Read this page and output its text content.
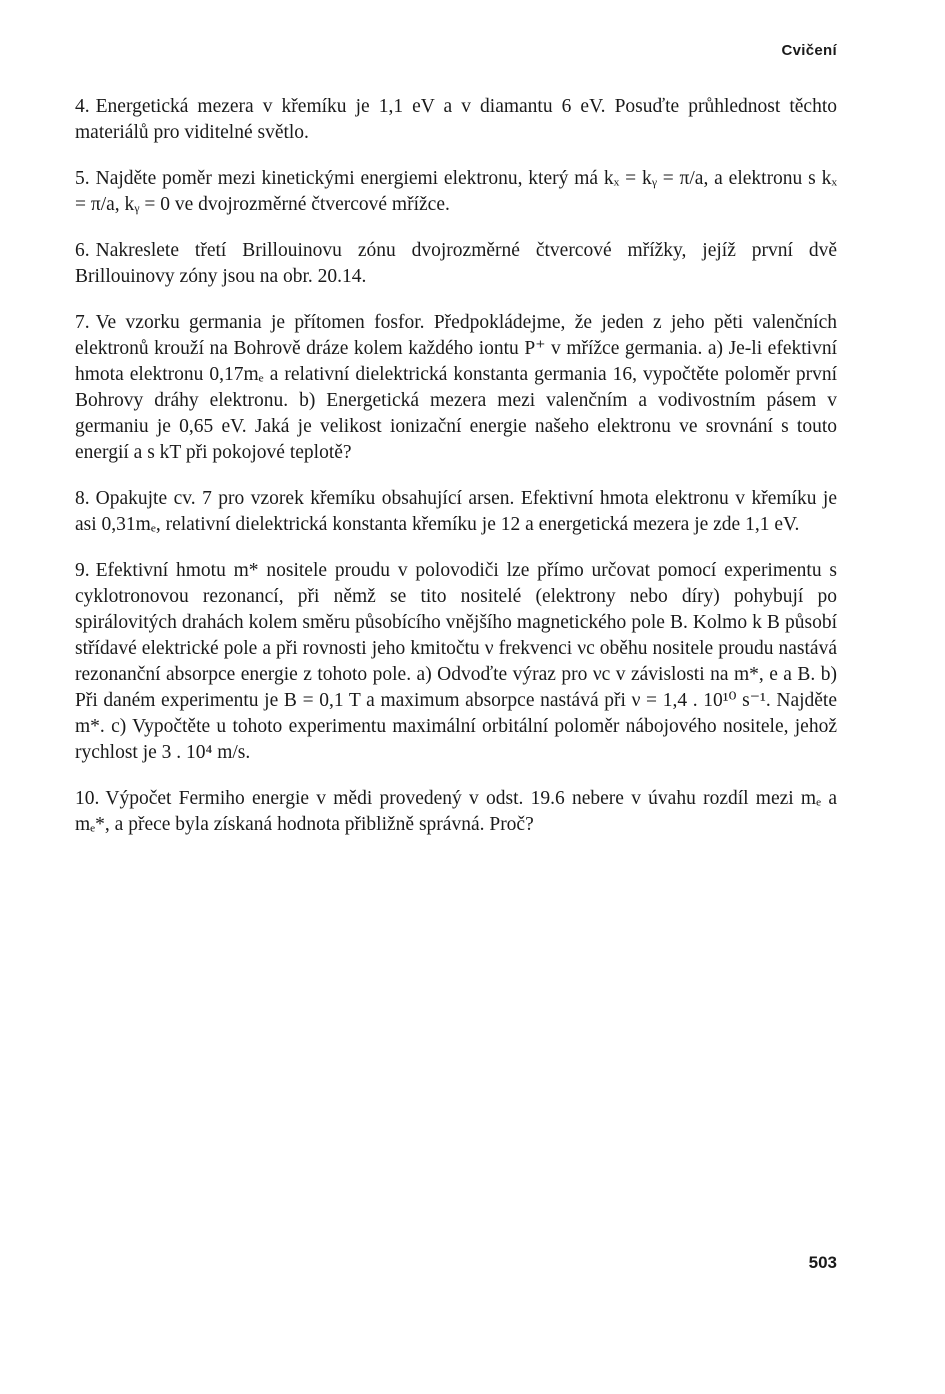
Cvičení

4. Energetická mezera v křemíku je 1,1 eV a v diamantu 6 eV. Posuďte průhlednost těchto materiálů pro viditelné světlo.

5. Najděte poměr mezi kinetickými energiemi elektronu, který má kₓ = kᵧ = π/a, a elektronu s kₓ = π/a, kᵧ = 0 ve dvojrozměrné čtvercové mřížce.

6. Nakreslete třetí Brillouinovu zónu dvojrozměrné čtvercové mřížky, jejíž první dvě Brillouinovy zóny jsou na obr. 20.14.

7. Ve vzorku germania je přítomen fosfor. Předpokládejme, že jeden z jeho pěti valenčních elektronů krouží na Bohrově dráze kolem každého iontu P⁺ v mřížce germania. a) Je-li efektivní hmota elektronu 0,17mₑ a relativní dielektrická konstanta germania 16, vypočtěte poloměr první Bohrovy dráhy elektronu. b) Energetická mezera mezi valenčním a vodivostním pásem v germaniu je 0,65 eV. Jaká je velikost ionizační energie našeho elektronu ve srovnání s touto energií a s kT při pokojové teplotě?

8. Opakujte cv. 7 pro vzorek křemíku obsahující arsen. Efektivní hmota elektronu v křemíku je asi 0,31mₑ, relativní dielektrická konstanta křemíku je 12 a energetická mezera je zde 1,1 eV.

9. Efektivní hmotu m* nositele proudu v polovodiči lze přímo určovat pomocí experimentu s cyklotronovou rezonancí, při němž se tito nositelé (elektrony nebo díry) pohybují po spirálovitých drahách kolem směru působícího vnějšího magnetického pole B. Kolmo k B působí střídavé elektrické pole a při rovnosti jeho kmitočtu ν frekvenci νc oběhu nositele proudu nastává rezonanční absorpce energie z tohoto pole. a) Odvoďte výraz pro νc v závislosti na m*, e a B. b) Při daném experimentu je B = 0,1 T a maximum absorpce nastává při ν = 1,4 . 10¹⁰ s⁻¹. Najděte m*. c) Vypočtěte u tohoto experimentu maximální orbitální poloměr nábojového nositele, jehož rychlost je 3 . 10⁴ m/s.

10. Výpočet Fermiho energie v mědi provedený v odst. 19.6 nebere v úvahu rozdíl mezi mₑ a mₑ*, a přece byla získaná hodnota přibližně správná. Proč?

503
